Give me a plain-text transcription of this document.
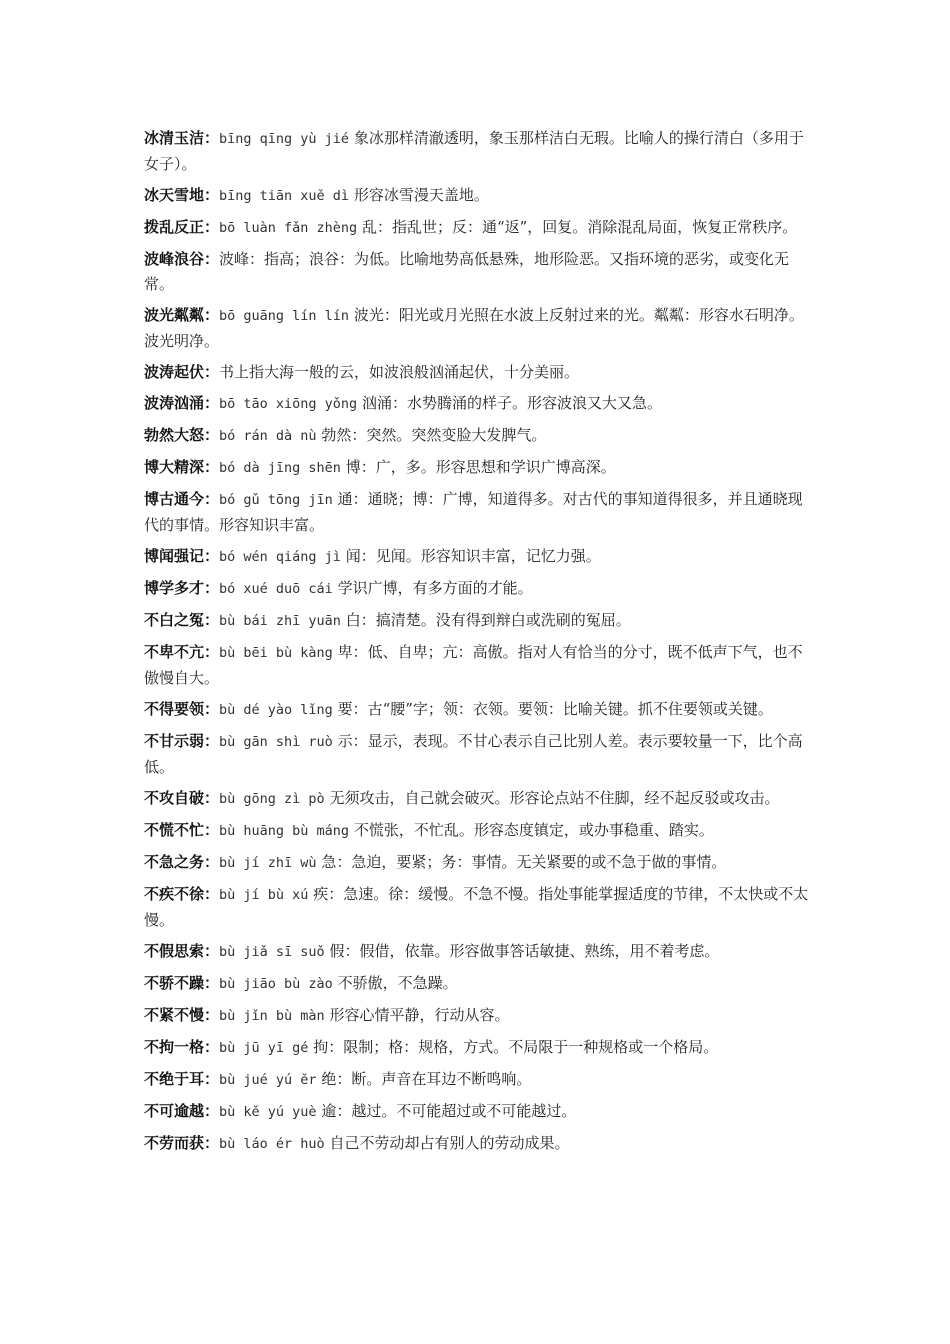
冰清玉洁：bīng qīng yù jié 象冰那样清澈透明，象玉那样洁白无瑕。比喻人的操行清白（多用于女子）。
冰天雪地：bīng tiān xuě dì 形容冰雪漫天盖地。
拨乱反正：bō luàn fǎn zhèng 乱：指乱世；反：通“返”，回复。消除混乱局面，恢复正常秩序。
波峰浪谷：波峰：指高；浪谷：为低。比喻地势高低悬殊，地形险恶。又指环境的恶劣，或变化无常。
波光粼粼：bō guāng lín lín 波光：阳光或月光照在水波上反射过来的光。粼粼：形容水石明净。波光明净。
波涛起伏：书上指大海一般的云，如波浪般汹涌起伏，十分美丽。
波涛汹涌：bō tāo xiōng yǒng 汹涌：水势腾涌的样子。形容波浪又大又急。
勃然大怒：bó rán dà nù 勃然：突然。突然变脸大发脾气。
博大精深：bó dà jīng shēn 博：广，多。形容思想和学识广博高深。
博古通今：bó gǔ tōng jīn 通：通晓；博：广博，知道得多。对古代的事知道得很多，并且通晓现代的事情。形容知识丰富。
博闻强记：bó wén qiáng jì 闻：见闻。形容知识丰富，记忆力强。
博学多才：bó xué duō cái 学识广博，有多方面的才能。
不白之冤：bù bái zhī yuān 白：搞清楚。没有得到辩白或洗刷的冤屈。
不卑不亢：bù bēi bù kàng 卑：低、自卑；亢：高傲。指对人有恰当的分寸，既不低声下气，也不傲慢自大。
不得要领：bù dé yào lǐng 要：古“腰”字；领：衣领。要领：比喻关键。抓不住要领或关键。
不甘示弱：bù gān shì ruò 示：显示，表现。不甘心表示自己比别人差。表示要较量一下，比个高低。
不攻自破：bù gōng zì pò 无须攻击，自己就会破灭。形容论点站不住脚，经不起反驳或攻击。
不慌不忙：bù huāng bù máng 不慌张，不忙乱。形容态度镇定，或办事稳重、踏实。
不急之务：bù jí zhī wù 急：急迫，要紧；务：事情。无关紧要的或不急于做的事情。
不疾不徐：bù jí bù xú 疾：急速。徐：缓慢。不急不慢。指处事能掌握适度的节律，不太快或不太慢。
不假思索：bù jiǎ sī suǒ 假：假借，依靠。形容做事答话敏捷、熟练，用不着考虑。
不骄不躁：bù jiāo bù zào 不骄傲，不急躁。
不紧不慢：bù jǐn bù màn 形容心情平静，行动从容。
不拘一格：bù jū yī gé 拘：限制；格：规格，方式。不局限于一种规格或一个格局。
不绝于耳：bù jué yú ěr 绝：断。声音在耳边不断鸣响。
不可逾越：bù kě yú yuè 逾：越过。不可能超过或不可能越过。
不劳而获：bù láo ér huò 自己不劳动却占有别人的劳动成果。
